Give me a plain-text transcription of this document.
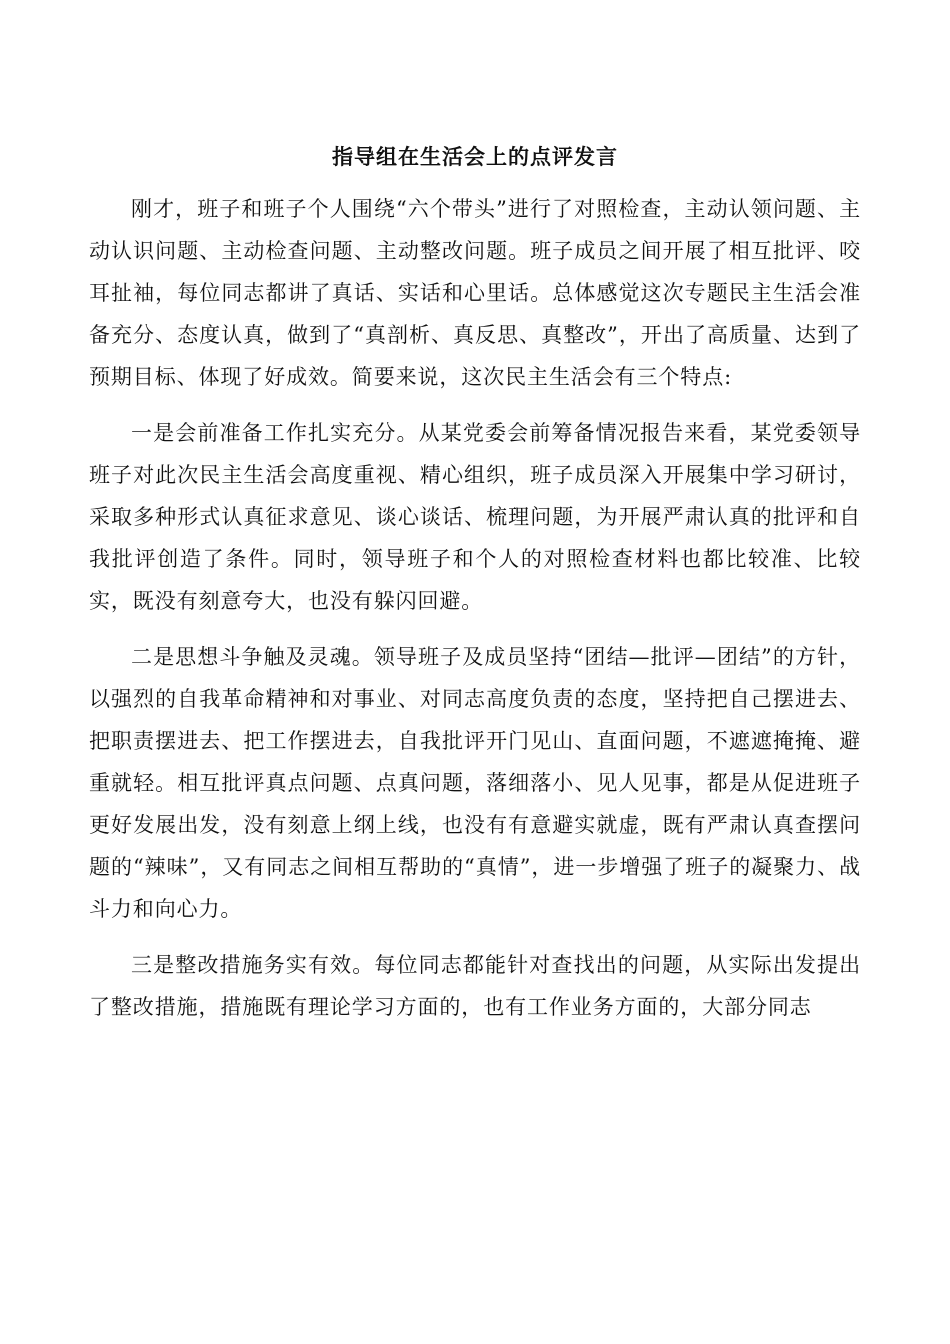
指导组在生活会上的点评发言

刚才，班子和班子个人围绕“六个带头”进行了对照检查，主动认领问题、主动认识问题、主动检查问题、主动整改问题。班子成员之间开展了相互批评、咬耳扯袖，每位同志都讲了真话、实话和心里话。总体感觉这次专题民主生活会准备充分、态度认真，做到了“真剖析、真反思、真整改”，开出了高质量、达到了预期目标、体现了好成效。简要来说，这次民主生活会有三个特点:

一是会前准备工作扎实充分。从某党委会前筹备情况报告来看，某党委领导班子对此次民主生活会高度重视、精心组织，班子成员深入开展集中学习研讨，采取多种形式认真征求意见、谈心谈话、梳理问题，为开展严肃认真的批评和自我批评创造了条件。同时，领导班子和个人的对照检查材料也都比较准、比较实，既没有刻意夸大，也没有躲闪回避。

二是思想斗争触及灵魂。领导班子及成员坚持“团结—批评—团结”的方针，以强烈的自我革命精神和对事业、对同志高度负责的态度，坚持把自己摆进去、把职责摆进去、把工作摆进去，自我批评开门见山、直面问题，不遮遮掩掩、避重就轻。相互批评真点问题、点真问题，落细落小、见人见事，都是从促进班子更好发展出发，没有刻意上纲上线，也没有有意避实就虚，既有严肃认真查摆问题的“辣味”，又有同志之间相互帮助的“真情”，进一步增强了班子的凝聚力、战斗力和向心力。

三是整改措施务实有效。每位同志都能针对查找出的问题，从实际出发提出了整改措施，措施既有理论学习方面的，也有工作业务方面的，大部分同志
